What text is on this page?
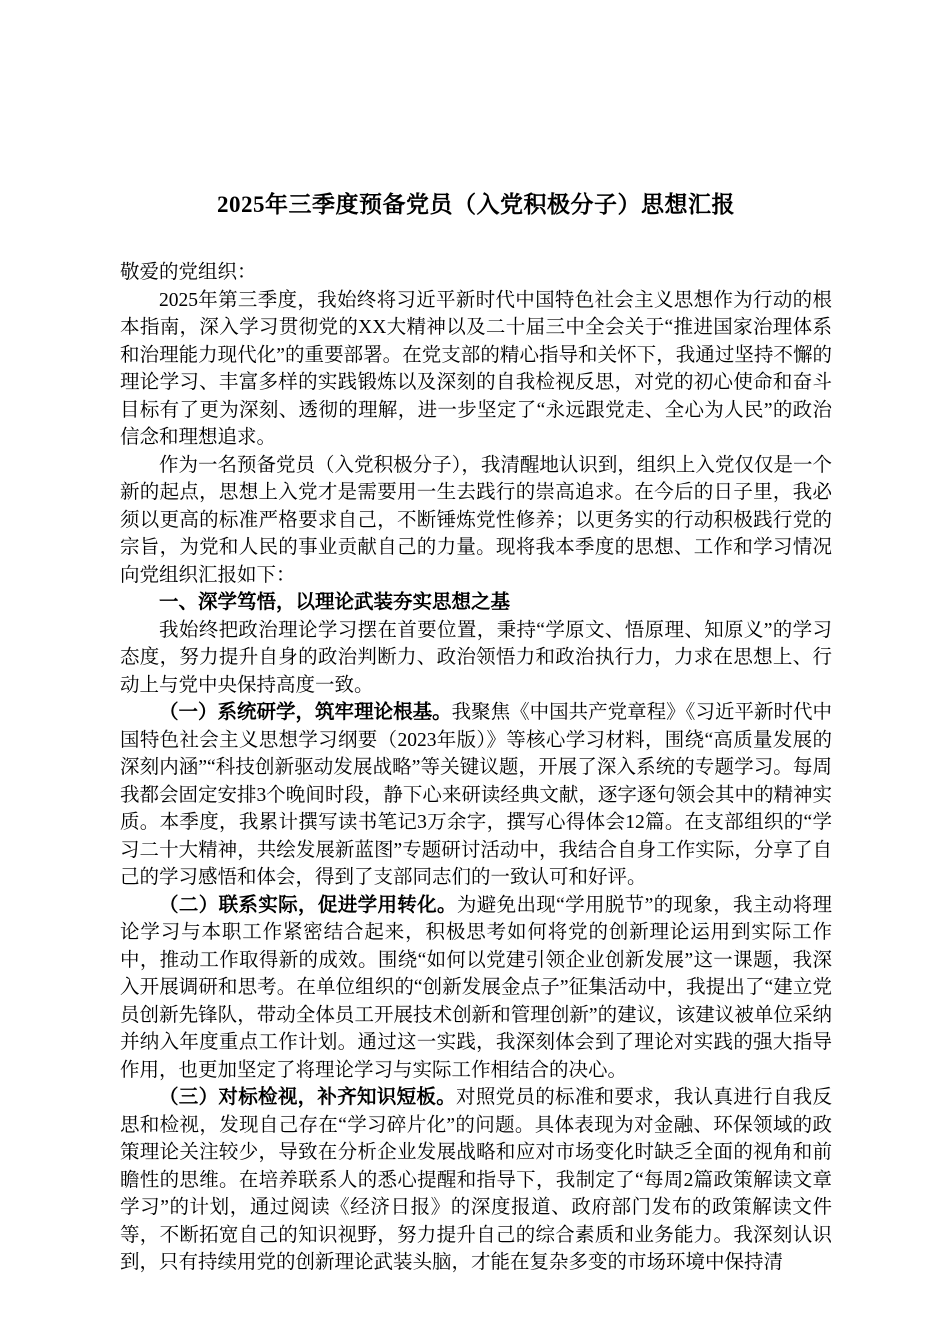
2025年三季度预备党员（入党积极分子）思想汇报

敬爱的党组织：

2025年第三季度，我始终将习近平新时代中国特色社会主义思想作为行动的根本指南，深入学习贯彻党的XX大精神以及二十届三中全会关于“推进国家治理体系和治理能力现代化”的重要部署。在党支部的精心指导和关怀下，我通过坚持不懈的理论学习、丰富多样的实践锻炼以及深刻的自我检视反思，对党的初心使命和奋斗目标有了更为深刻、透彻的理解，进一步坚定了“永远跟党走、全心为人民”的政治信念和理想追求。

作为一名预备党员（入党积极分子），我清醒地认识到，组织上入党仅仅是一个新的起点，思想上入党才是需要用一生去践行的崇高追求。在今后的日子里，我必须以更高的标准严格要求自己，不断锤炼党性修养；以更务实的行动积极践行党的宗旨，为党和人民的事业贡献自己的力量。现将我本季度的思想、工作和学习情况向党组织汇报如下：

一、深学笃悟，以理论武装夯实思想之基

我始终把政治理论学习摆在首要位置，秉持“学原文、悟原理、知原义”的学习态度，努力提升自身的政治判断力、政治领悟力和政治执行力，力求在思想上、行动上与党中央保持高度一致。

（一）系统研学，筑牢理论根基。我聚焦《中国共产党章程》《习近平新时代中国特色社会主义思想学习纲要（2023年版）》等核心学习材料，围绕“高质量发展的深刻内涵”“科技创新驱动发展战略”等关键议题，开展了深入系统的专题学习。每周我都会固定安排3个晚间时段，静下心来研读经典文献，逐字逐句领会其中的精神实质。本季度，我累计撰写读书笔记3万余字，撰写心得体会12篇。在支部组织的“学习二十大精神，共绘发展新蓝图”专题研讨活动中，我结合自身工作实际，分享了自己的学习感悟和体会，得到了支部同志们的一致认可和好评。

（二）联系实际，促进学用转化。为避免出现“学用脱节”的现象，我主动将理论学习与本职工作紧密结合起来，积极思考如何将党的创新理论运用到实际工作中，推动工作取得新的成效。围绕“如何以党建引领企业创新发展”这一课题，我深入开展调研和思考。在单位组织的“创新发展金点子”征集活动中，我提出了“建立党员创新先锋队，带动全体员工开展技术创新和管理创新”的建议，该建议被单位采纳并纳入年度重点工作计划。通过这一实践，我深刻体会到了理论对实践的强大指导作用，也更加坚定了将理论学习与实际工作相结合的决心。

（三）对标检视，补齐知识短板。对照党员的标准和要求，我认真进行自我反思和检视，发现自己存在“学习碎片化”的问题。具体表现为对金融、环保领域的政策理论关注较少，导致在分析企业发展战略和应对市场变化时缺乏全面的视角和前瞻性的思维。在培养联系人的悉心提醒和指导下，我制定了“每周2篇政策解读文章学习”的计划，通过阅读《经济日报》的深度报道、政府部门发布的政策解读文件等，不断拓宽自己的知识视野，努力提升自己的综合素质和业务能力。我深刻认识到，只有持续用党的创新理论武装头脑，才能在复杂多变的市场环境中保持清
